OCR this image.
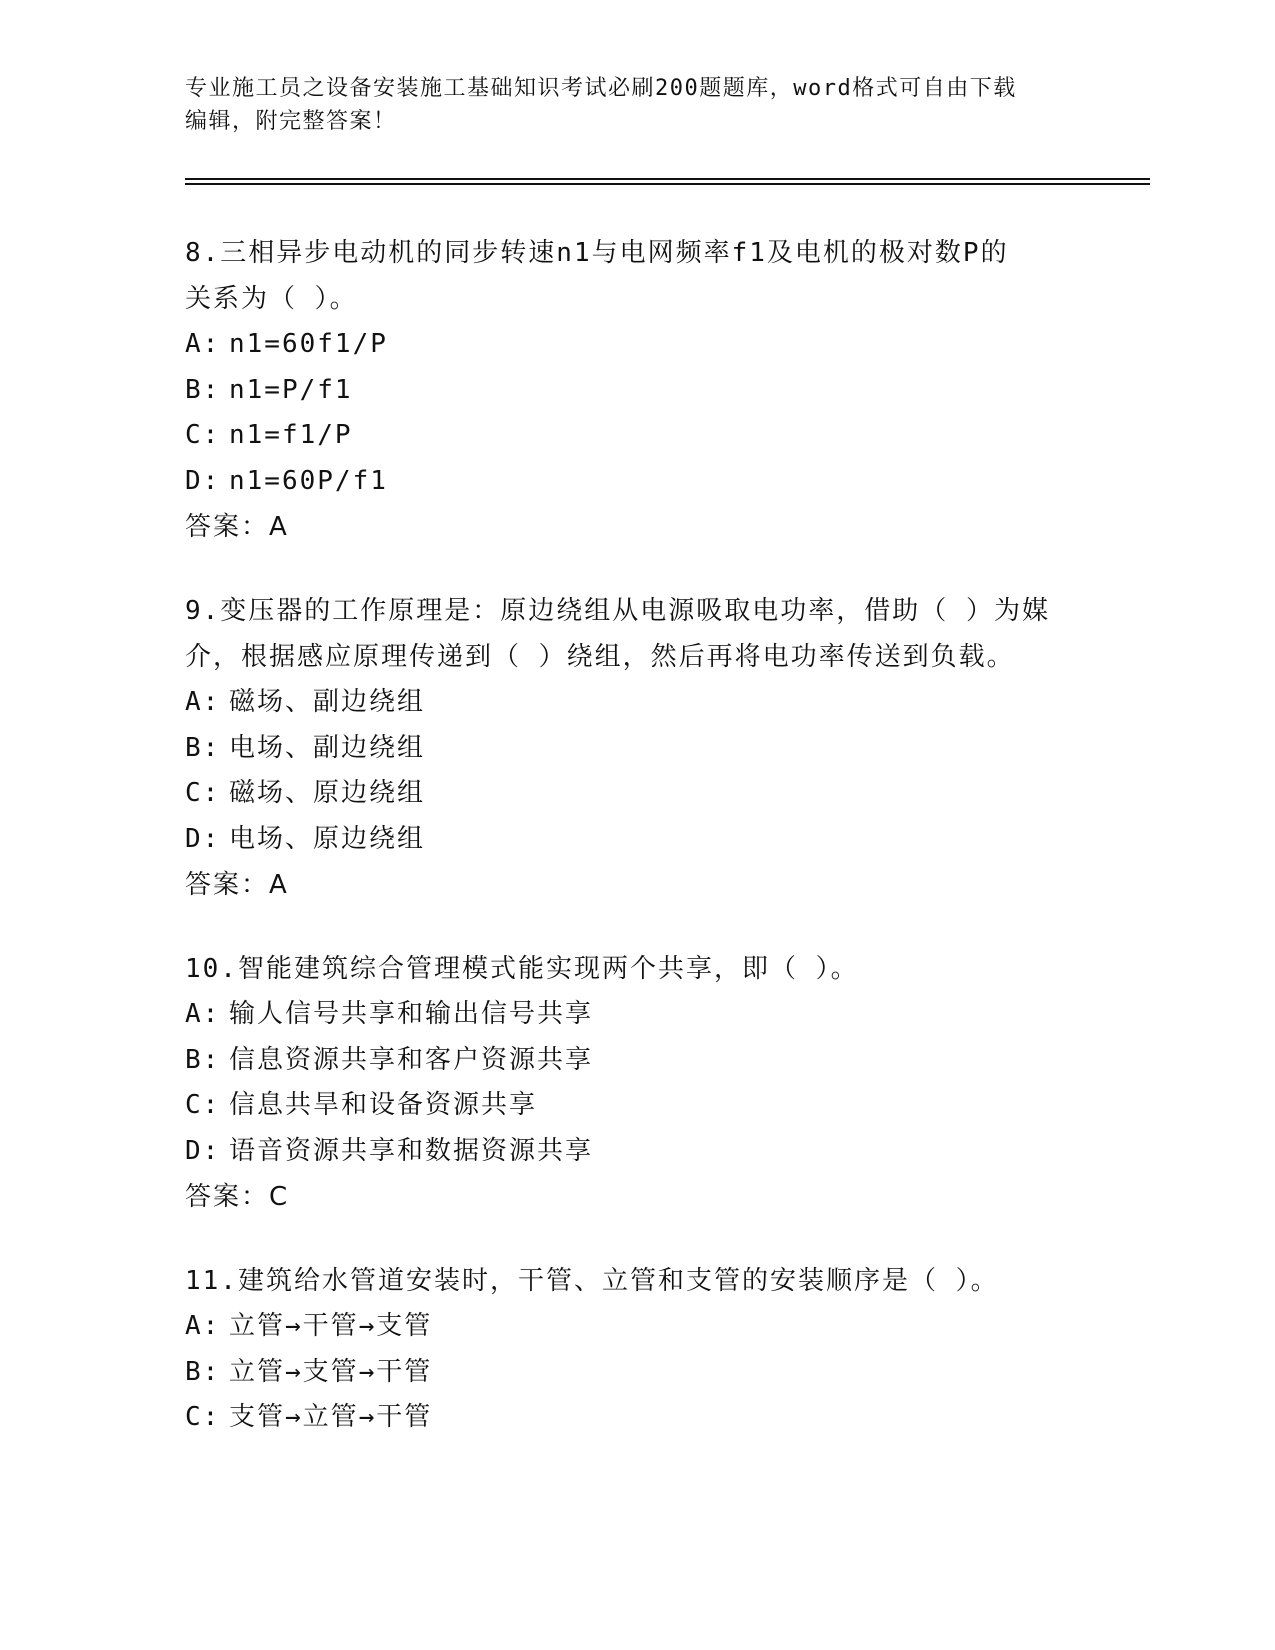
专业施工员之设备安装施工基础知识考试必刷200题题库，word格式可自由下载
编辑，附完整答案！
8.三相异步电动机的同步转速n1与电网频率f1及电机的极对数P的
关系为（ ）。
A: n1=60f1/P
B: n1=P/f1
C: n1=f1/P
D: n1=60P/f1
答案：A
9.变压器的工作原理是：原边绕组从电源吸取电功率，借助（ ）为媒
介，根据感应原理传递到（ ）绕组，然后再将电功率传送到负载。
A: 磁场、副边绕组
B: 电场、副边绕组
C: 磁场、原边绕组
D: 电场、原边绕组
答案：A
10.智能建筑综合管理模式能实现两个共享，即（ ）。
A: 输人信号共享和输出信号共享
B: 信息资源共享和客户资源共享
C: 信息共旱和设备资源共享
D: 语音资源共享和数据资源共享
答案：C
11.建筑给水管道安装时，干管、立管和支管的安装顺序是（ ）。
A: 立管→干管→支管
B: 立管→支管→干管
C: 支管→立管→干管
